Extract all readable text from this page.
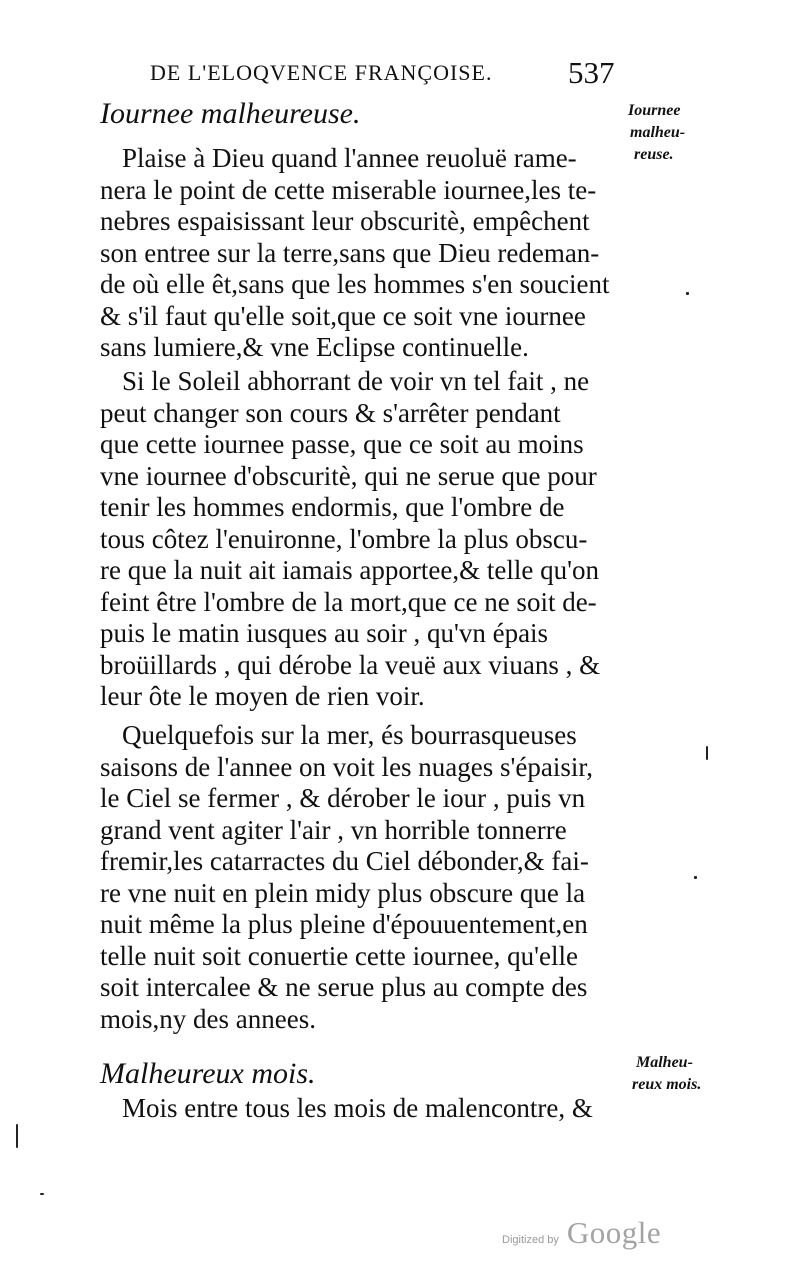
DE L'ELOQVENCE FRANÇOISE.	537
Iournee malheureuse.
Plaise à Dieu quand l'annee reuoluë rame-
nera le point de cette miserable iournee,les te-
nebres espaisissant leur obscuritè, empêchent
son entree sur la terre,sans que Dieu redeman-
de où elle êt,sans que les hommes s'en soucient
& s'il faut qu'elle soit,que ce soit vne iournee
sans lumiere,& vne Eclipse continuelle.
Si le Soleil abhorrant de voir vn tel fait , ne
peut changer son cours & s'arrêter pendant
que cette iournee passe, que ce soit au moins
vne iournee d'obscuritè, qui ne serue que pour
tenir les hommes endormis, que l'ombre de
tous côtez l'enuironne, l'ombre la plus obscu-
re que la nuit ait iamais apportee,& telle qu'on
feint être l'ombre de la mort,que ce ne soit de-
puis le matin iusques au soir , qu'vn épais
broüillards , qui dérobe la veuë aux viuans , &
leur ôte le moyen de rien voir.
Quelquefois sur la mer, és bourrasqueuses
saisons de l'annee on voit les nuages s'épaisir,
le Ciel se fermer , & dérober le iour , puis vn
grand vent agiter l'air , vn horrible tonnerre
fremir,les catarractes du Ciel débonder,& fai-
re vne nuit en plein midy plus obscure que la
nuit même la plus pleine d'épouuentement,en
telle nuit soit conuertie cette iournee, qu'elle
soit intercalee & ne serue plus au compte des
mois,ny des annees.
Malheureux mois.
Mois entre tous les mois de malencontre, &
Iournee
malheu-
reuse.
Malheu-
reux mois.
Digitized by Google
